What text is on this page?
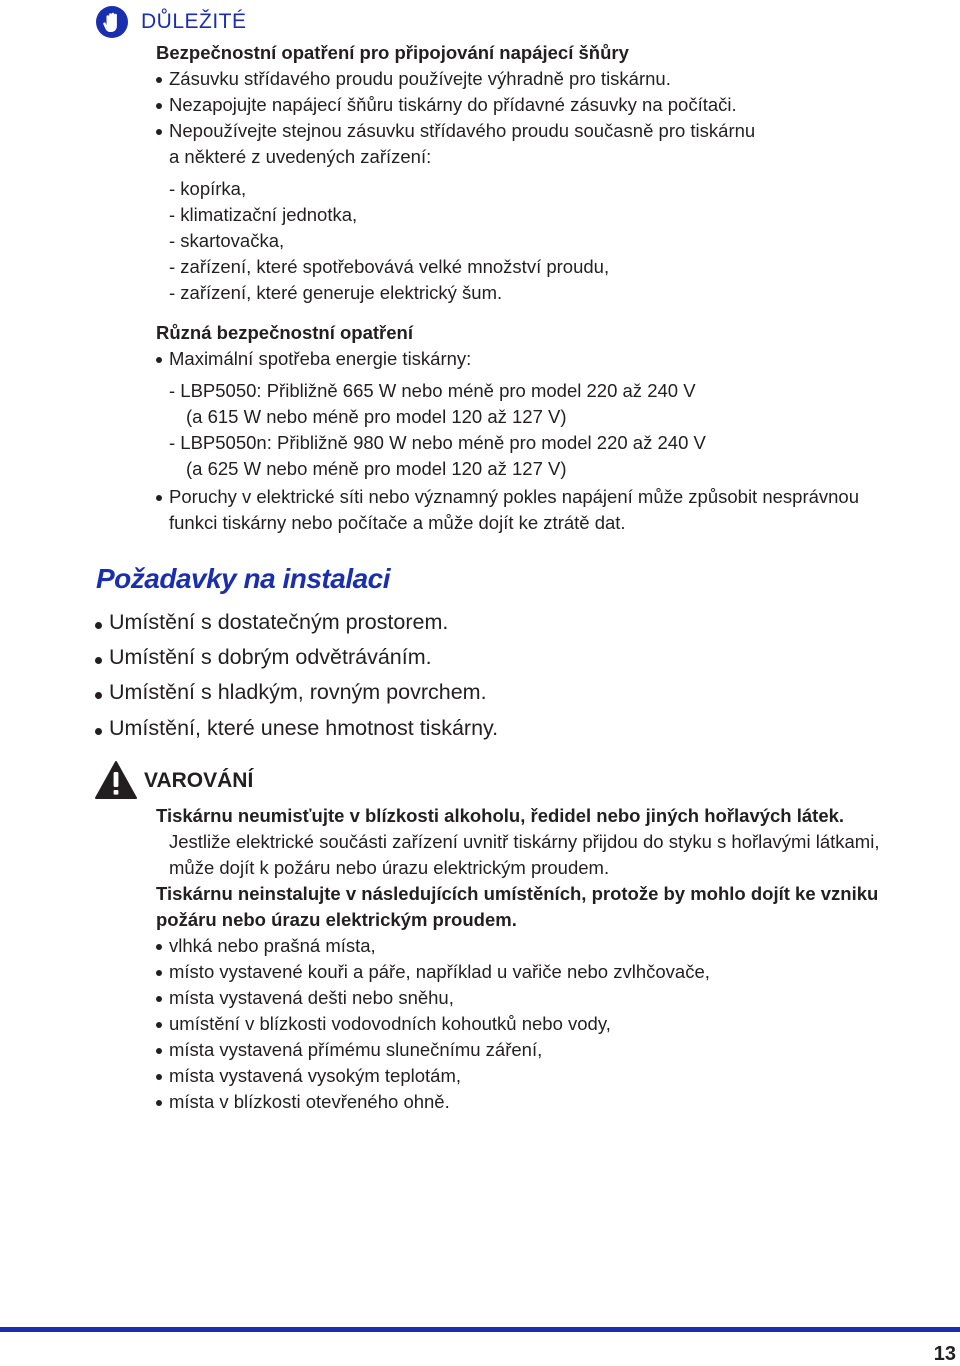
DŮLEŽITÉ
Bezpečnostní opatření pro připojování napájecí šňůry
Zásuvku střídavého proudu používejte výhradně pro tiskárnu.
Nezapojujte napájecí šňůru tiskárny do přídavné zásuvky na počítači.
Nepoužívejte stejnou zásuvku střídavého proudu současně pro tiskárnu
a některé z uvedených zařízení:
- kopírka,
- klimatizační jednotka,
- skartovačka,
- zařízení, které spotřebovává velké množství proudu,
- zařízení, které generuje elektrický šum.
Různá bezpečnostní opatření
Maximální spotřeba energie tiskárny:
- LBP5050: Přibližně 665 W nebo méně pro model 220 až 240 V
(a 615 W nebo méně pro model 120 až 127 V)
- LBP5050n: Přibližně 980 W nebo méně pro model 220 až 240 V
(a 625 W nebo méně pro model 120 až 127 V)
Poruchy v elektrické síti nebo významný pokles napájení může způsobit nesprávnou
funkci tiskárny nebo počítače a může dojít ke ztrátě dat.
Požadavky na instalaci
Umístění s dostatečným prostorem.
Umístění s dobrým odvětráváním.
Umístění s hladkým, rovným povrchem.
Umístění, které unese hmotnost tiskárny.
VAROVÁNÍ
Tiskárnu neumisťujte v blízkosti alkoholu, ředidel nebo jiných hořlavých látek.
Jestliže elektrické součásti zařízení uvnitř tiskárny přijdou do styku s hořlavými látkami,
může dojít k požáru nebo úrazu elektrickým proudem.
Tiskárnu neinstalujte v následujících umístěních, protože by mohlo dojít ke vzniku
požáru nebo úrazu elektrickým proudem.
vlhká nebo prašná místa,
místo vystavené kouři a páře, například u vařiče nebo zvlhčovače,
místa vystavená dešti nebo sněhu,
umístění v blízkosti vodovodních kohoutků nebo vody,
místa vystavená přímému slunečnímu záření,
místa vystavená vysokým teplotám,
místa v blízkosti otevřeného ohně.
13
